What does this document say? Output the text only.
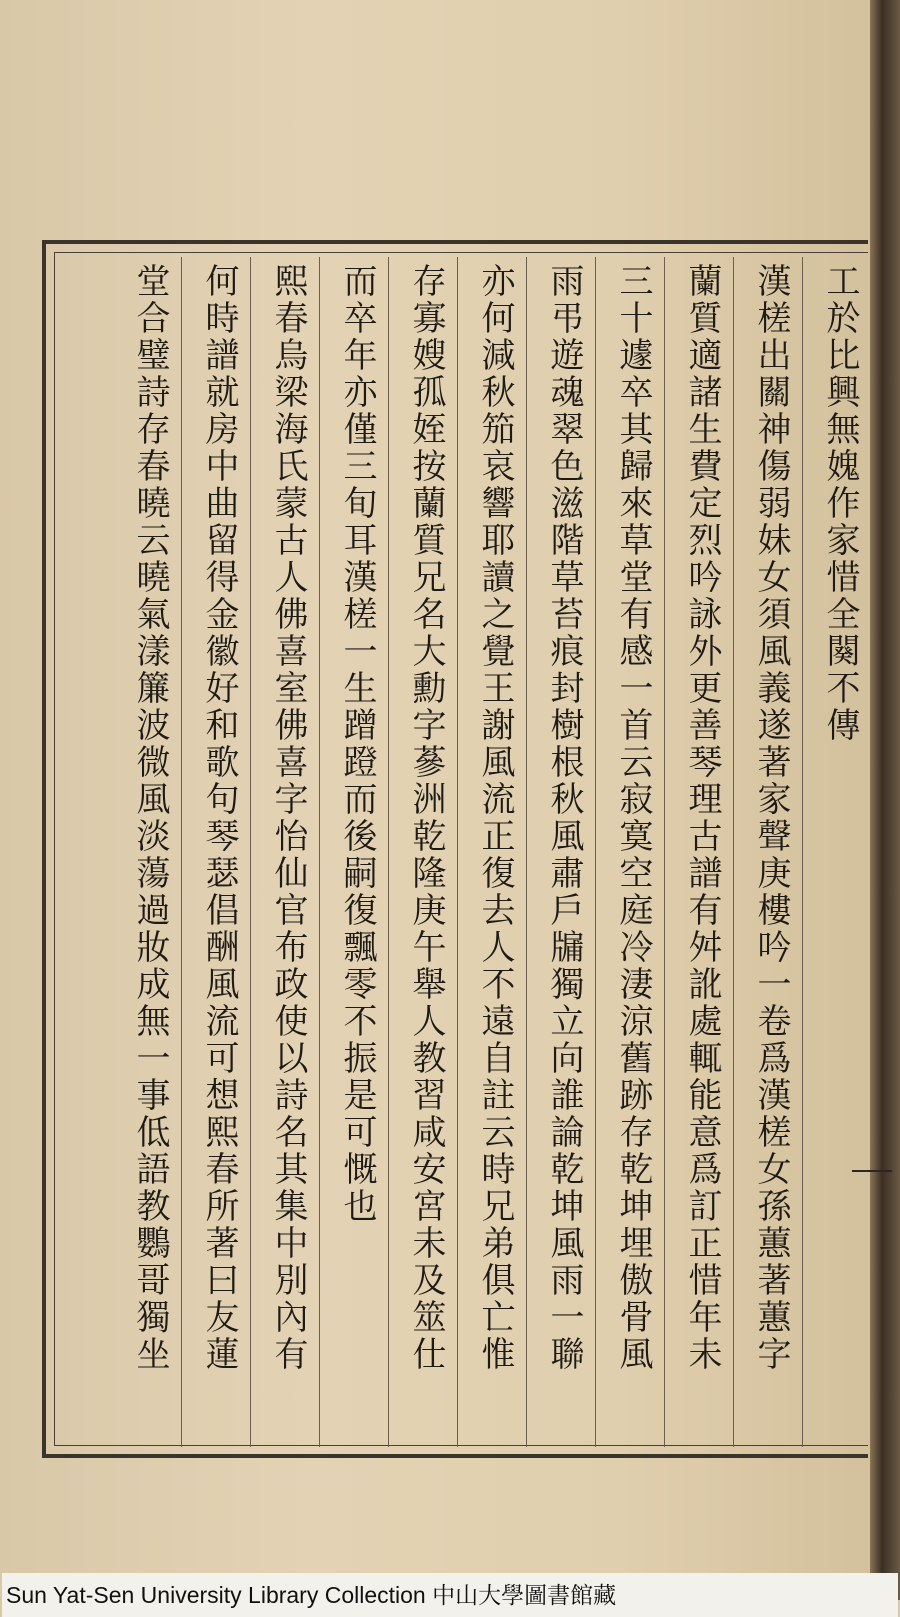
工於比興無媿作家惜全闋不傳
漢槎出關神傷弱妹女須風義遂著家聲庚樓吟一卷爲漢槎女孫蕙著蕙字
蘭質適諸生費定烈吟詠外更善琴理古譜有舛訛處輒能意爲訂正惜年未
三十遽卒其歸來草堂有感一首云寂寞空庭冷淒涼舊跡存乾坤埋傲骨風
雨弔遊魂翠色滋階草苔痕封樹根秋風肅戶牖獨立向誰論乾坤風雨一聯
亦何減秋笳哀響耶讀之覺王謝風流正復去人不遠自註云時兄弟俱亡惟
存寡嫂孤姪按蘭質兄名大勳字蔘洲乾隆庚午舉人教習咸安宮未及筮仕
而卒年亦僅三旬耳漢槎一生蹭蹬而後嗣復飄零不振是可慨也
熙春烏梁海氏蒙古人佛喜室佛喜字怡仙官布政使以詩名其集中別內有
何時譜就房中曲留得金徽好和歌句琴瑟倡酬風流可想熙春所著曰友蓮
堂合璧詩存春曉云曉氣漾簾波微風淡蕩過妝成無一事低語教鸚哥獨坐
Sun Yat-Sen University Library Collection 中山大學圖書館藏
